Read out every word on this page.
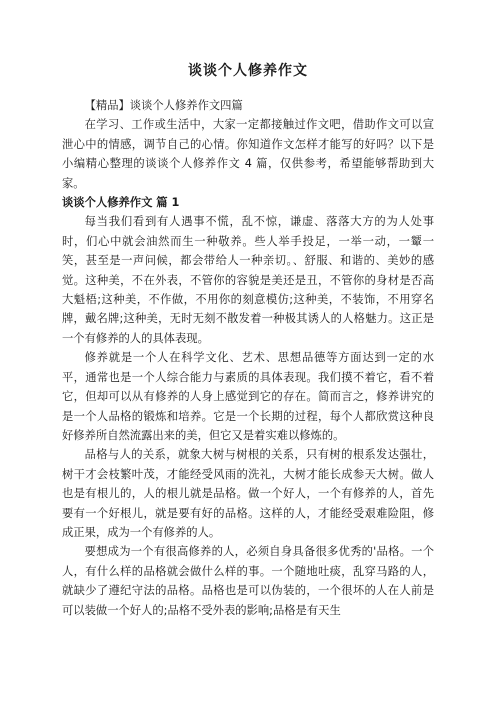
谈谈个人修养作文

【精品】谈谈个人修养作文四篇

在学习、工作或生活中，大家一定都接触过作文吧，借助作文可以宣泄心中的情感，调节自己的心情。你知道作文怎样才能写的好吗？以下是小编精心整理的谈谈个人修养作文 4 篇，仅供参考，希望能够帮助到大家。

谈谈个人修养作文 篇 1

每当我们看到有人遇事不慌，乱不惊，谦虚、落落大方的为人处事时，们心中就会油然而生一种敬养。些人举手投足，一举一动，一颦一笑，甚至是一声问候，都会带给人一种亲切。、舒服、和谐的、美妙的感觉。这种美，不在外表，不管你的容貌是美还是丑，不管你的身材是否高大魁梧;这种美，不作做，不用你的刻意模仿;这种美，不装饰，不用穿名牌，戴名牌;这种美，无时无刻不散发着一种极其诱人的人格魅力。这正是一个有修养的人的具体表现。

修养就是一个人在科学文化、艺术、思想品德等方面达到一定的水平，通常也是一个人综合能力与素质的具体表现。我们摸不着它，看不着它，但却可以从有修养的人身上感觉到它的存在。简而言之，修养讲究的是一个人品格的锻炼和培养。它是一个长期的过程，每个人都欣赏这种良好修养所自然流露出来的美，但它又是着实难以修炼的。

品格与人的关系，就象大树与树根的关系，只有树的根系发达强壮，树干才会枝繁叶茂，才能经受风雨的洗礼，大树才能长成参天大树。做人也是有根儿的，人的根儿就是品格。做一个好人，一个有修养的人，首先要有一个好根儿，就是要有好的品格。这样的人，才能经受艰难险阻，修成正果，成为一个有修养的人。

要想成为一个有很高修养的人，必须自身具备很多优秀的'品格。一个人，有什么样的品格就会做什么样的事。一个随地吐痰，乱穿马路的人，就缺少了遵纪守法的品格。品格也是可以伪装的，一个很坏的人在人前是可以装做一个好人的;品格不受外表的影响;品格是有天生
